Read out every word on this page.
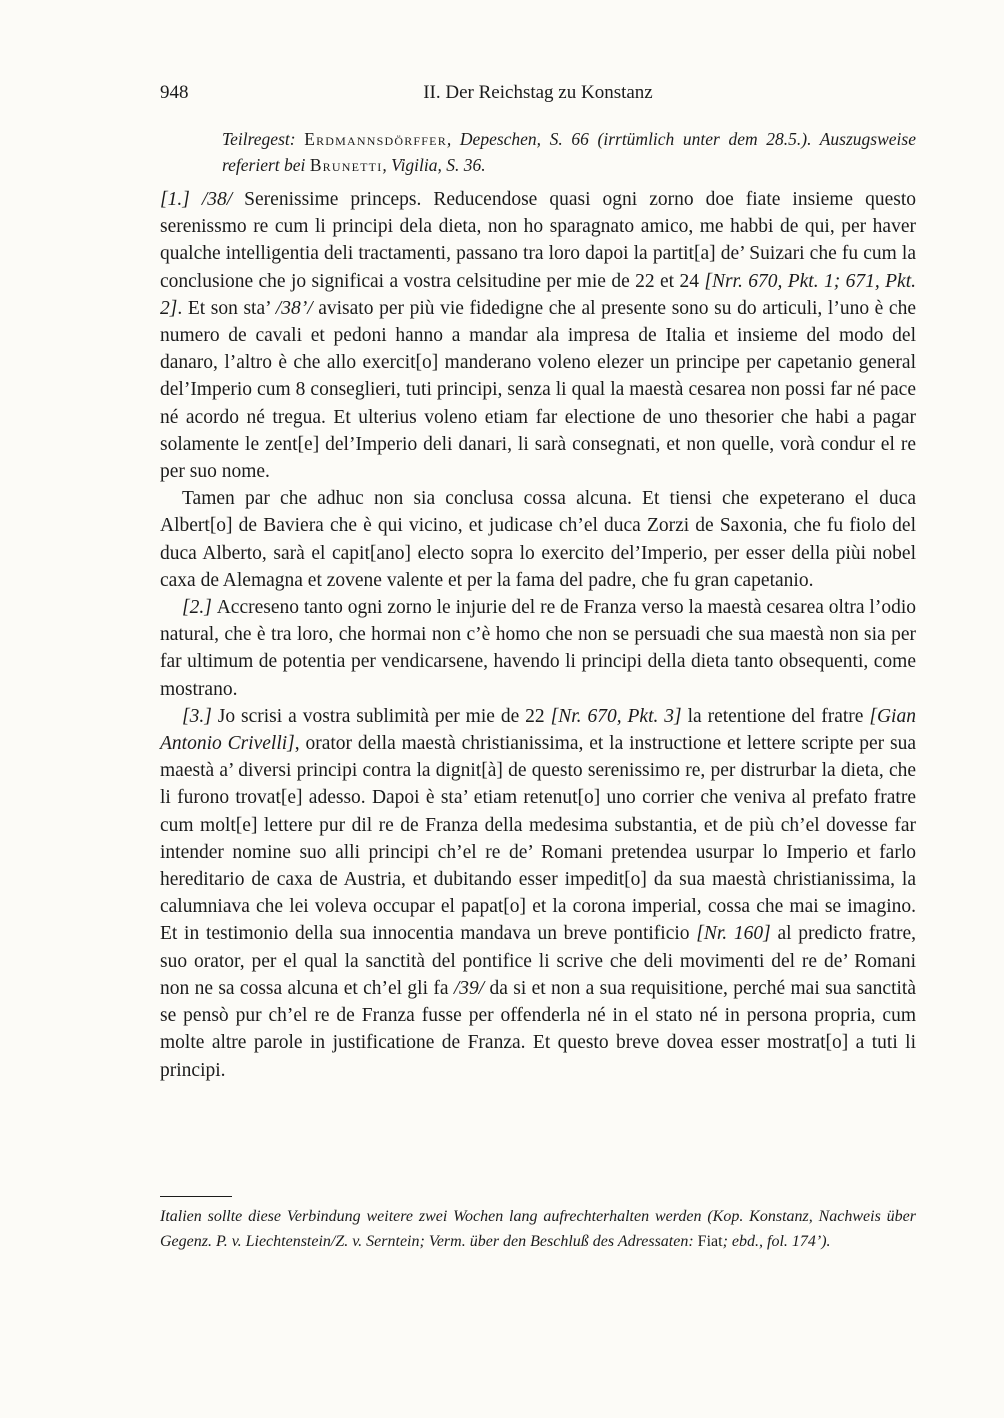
948	II. Der Reichstag zu Konstanz
Teilregest: Erdmannsdörffer, Depeschen, S. 66 (irrtümlich unter dem 28.5.). Auszugsweise referiert bei Brunetti, Vigilia, S. 36.

[1.] /38/ Serenissime princeps. Reducendose quasi ogni zorno doe fiate insieme questo serenissmo re cum li principi dela dieta, non ho sparagnato amico, me habbi de qui, per haver qualche intelligentia deli tractamenti, passano tra loro dapoi la partit[a] de’ Suizari che fu cum la conclusione che jo significai a vostra celsitudine per mie de 22 et 24 [Nrr. 670, Pkt. 1; 671, Pkt. 2]. Et son sta’ /38’/ avisato per più vie fidedigne che al presente sono su do articuli, l’uno è che numero de cavali et pedoni hanno a mandar ala impresa de Italia et insieme del modo del danaro, l’altro è che allo exercit[o] manderano voleno elezer un principe per capetanio general del’Imperio cum 8 conseglieri, tuti principi, senza li qual la maestà cesarea non possi far né pace né acordo né tregua. Et ulterius voleno etiam far electione de uno thesorier che habi a pagar solamente le zent[e] del’Imperio deli danari, li sarà consegnati, et non quelle, vorà condur el re per suo nome.

Tamen par che adhuc non sia conclusa cossa alcuna. Et tiensi che expeterano el duca Albert[o] de Baviera che è qui vicino, et judicase ch’el duca Zorzi de Saxonia, che fu fiolo del duca Alberto, sarà el capit[ano] electo sopra lo exercito del’Imperio, per esser della piùi nobel caxa de Alemagna et zovene valente et per la fama del padre, che fu gran capetanio.

[2.] Accreseno tanto ogni zorno le injurie del re de Franza verso la maestà cesarea oltra l’odio natural, che è tra loro, che hormai non c’è homo che non se persuadi che sua maestà non sia per far ultimum de potentia per vendicarsene, havendo li principi della dieta tanto obsequenti, come mostrano.

[3.] Jo scrisi a vostra sublimità per mie de 22 [Nr. 670, Pkt. 3] la retentione del fratre [Gian Antonio Crivelli], orator della maestà christianissima, et la instructione et lettere scripte per sua maestà a’ diversi principi contra la dignit[à] de questo serenissimo re, per distrurbar la dieta, che li furono trovat[e] adesso. Dapoi è sta’ etiam retenut[o] uno corrier che veniva al prefato fratre cum molt[e] lettere pur dil re de Franza della medesima substantia, et de più ch’el dovesse far intender nomine suo alli principi ch’el re de’ Romani pretendea usurpar lo Imperio et farlo hereditario de caxa de Austria, et dubitando esser impedit[o] da sua maestà christianissima, la calumniava che lei voleva occupar el papat[o] et la corona imperial, cossa che mai se imagino. Et in testimonio della sua innocentia mandava un breve pontificio [Nr. 160] al predicto fratre, suo orator, per el qual la sanctità del pontifice li scrive che deli movimenti del re de’ Romani non ne sa cossa alcuna et ch’el gli fa /39/ da si et non a sua requisitione, perché mai sua sanctità se pensò pur ch’el re de Franza fusse per offenderla né in el stato né in persona propria, cum molte altre parole in justificatione de Franza. Et questo breve dovea esser mostrat[o] a tuti li principi.

Italien sollte diese Verbindung weitere zwei Wochen lang aufrechterhalten werden (Kop. Konstanz, Nachweis über Gegenz. P. v. Liechtenstein/Z. v. Serntein; Verm. über den Beschluß des Adressaten: Fiat; ebd., fol. 174’).
